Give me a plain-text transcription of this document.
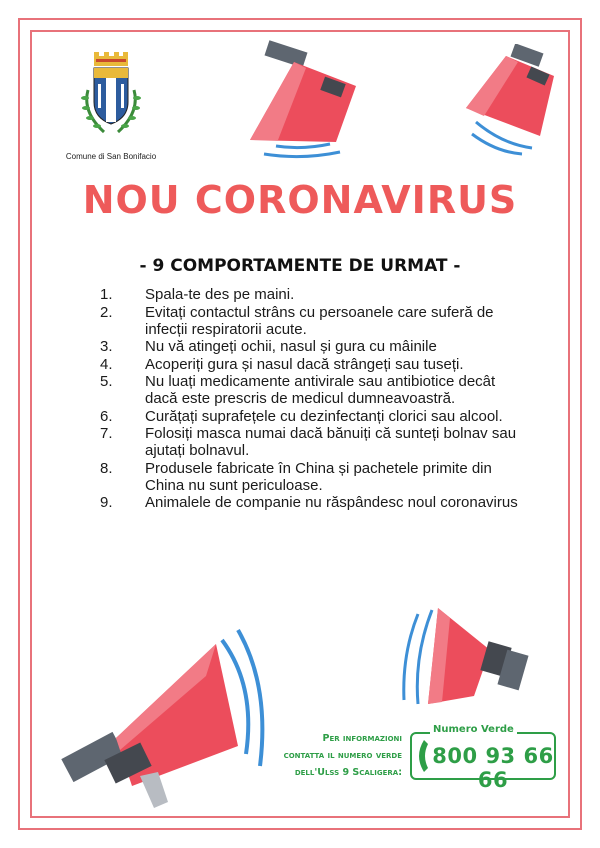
Comune di San Bonifacio
NOU CORONAVIRUS
- 9 COMPORTAMENTE DE URMAT -
1.	Spala-te des pe maini.
2.	Evitați contactul strâns cu persoanele care suferă de infecții respiratorii acute.
3.	Nu vă atingeți ochii, nasul și gura cu mâinile
4.	Acoperiți gura și nasul dacă strângeți sau tuseți.
5.	Nu luați medicamente antivirale sau antibiotice decât dacă este prescris de medicul dumneavoastră.
6.	Curățați suprafețele cu dezinfectanți clorici sau alcool.
7.	Folosiți masca numai dacă bănuiți că sunteți bolnav sau ajutați bolnavul.
8.	Produsele fabricate în China și pachetele primite din China nu sunt periculoase.
9.	Animalele de companie nu răspândesc noul coronavirus
Per informazioni
contatta il numero verde
dell'Ulss 9 Scaligera:
Numero Verde
800 93 66 66
